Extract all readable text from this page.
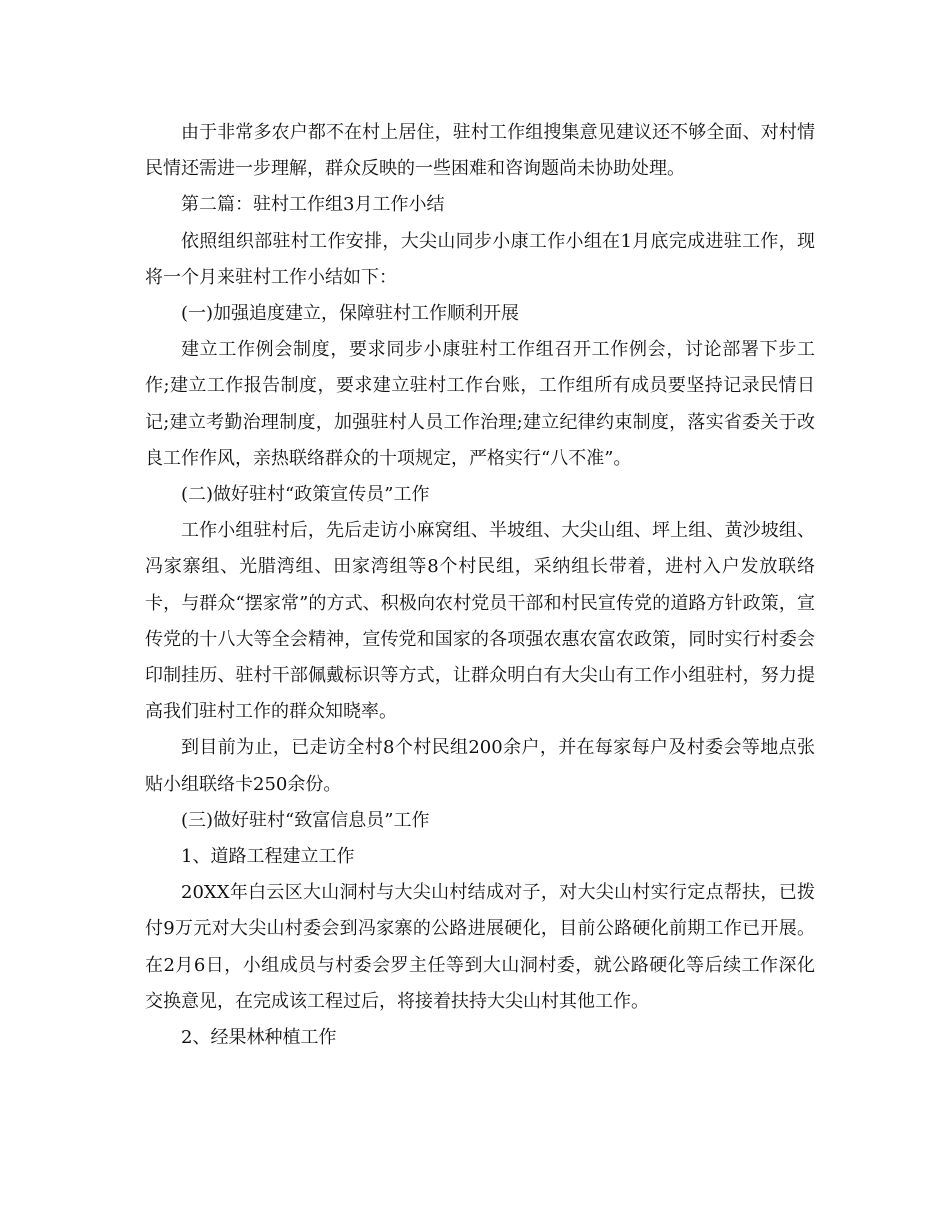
由于非常多农户都不在村上居住，驻村工作组搜集意见建议还不够全面、对村情民情还需进一步理解，群众反映的一些困难和咨询题尚未协助处理。

第二篇：驻村工作组3月工作小结

依照组织部驻村工作安排，大尖山同步小康工作小组在1月底完成进驻工作，现将一个月来驻村工作小结如下：

(一)加强追度建立，保障驻村工作顺利开展

建立工作例会制度，要求同步小康驻村工作组召开工作例会，讨论部署下步工作;建立工作报告制度，要求建立驻村工作台账，工作组所有成员要坚持记录民情日记;建立考勤治理制度，加强驻村人员工作治理;建立纪律约束制度，落实省委关于改良工作作风，亲热联络群众的十项规定，严格实行“八不准”。

(二)做好驻村“政策宣传员”工作

工作小组驻村后，先后走访小麻窝组、半坡组、大尖山组、坪上组、黄沙坡组、冯家寨组、光腊湾组、田家湾组等8个村民组，采纳组长带着，进村入户发放联络卡，与群众“摆家常”的方式、积极向农村党员干部和村民宣传党的道路方针政策，宣传党的十八大等全会精神，宣传党和国家的各项强农惠农富农政策，同时实行村委会印制挂历、驻村干部佩戴标识等方式，让群众明白有大尖山有工作小组驻村，努力提高我们驻村工作的群众知晓率。

到目前为止，已走访全村8个村民组200余户，并在每家每户及村委会等地点张贴小组联络卡250余份。

(三)做好驻村“致富信息员”工作

1、道路工程建立工作

20XX年白云区大山洞村与大尖山村结成对子，对大尖山村实行定点帮扶，已拨付9万元对大尖山村委会到冯家寨的公路进展硬化，目前公路硬化前期工作已开展。在2月6日，小组成员与村委会罗主任等到大山洞村委，就公路硬化等后续工作深化交换意见，在完成该工程过后，将接着扶持大尖山村其他工作。

2、经果林种植工作
